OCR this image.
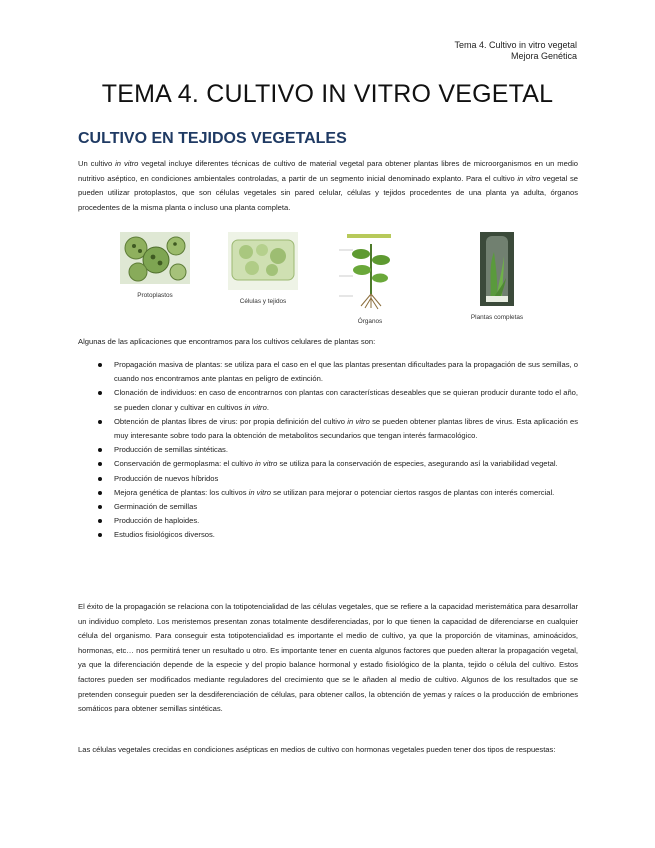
Tema 4. Cultivo in vitro vegetal
Mejora Genética
TEMA 4. CULTIVO IN VITRO VEGETAL
CULTIVO EN TEJIDOS VEGETALES

Un cultivo in vitro vegetal incluye diferentes técnicas de cultivo de material vegetal para obtener plantas libres de microorganismos en un medio nutritivo aséptico, en condiciones ambientales controladas, a partir de un segmento inicial denominado explanto. Para el cultivo in vitro vegetal se pueden utilizar protoplastos, que son células vegetales sin pared celular, células y tejidos procedentes de una planta ya adulta, órganos procedentes de la misma planta o incluso una planta completa.

Protoplastos
Células y tejidos
Órganos
Plantas completas

Algunas de las aplicaciones que encontramos para los cultivos celulares de plantas son:

Propagación masiva de plantas: se utiliza para el caso en el que las plantas presentan dificultades para la propagación de sus semillas, o cuando nos encontramos ante plantas en peligro de extinción.
Clonación de individuos: en caso de encontrarnos con plantas con características deseables que se quieran producir durante todo el año, se pueden clonar y cultivar en cultivos in vitro.
Obtención de plantas libres de virus: por propia definición del cultivo in vitro se pueden obtener plantas libres de virus. Esta aplicación es muy interesante sobre todo para la obtención de metabolitos secundarios que tengan interés farmacológico.
Producción de semillas sintéticas.
Conservación de germoplasma: el cultivo in vitro se utiliza para la conservación de especies, asegurando así la variabilidad vegetal.
Producción de nuevos híbridos
Mejora genética de plantas: los cultivos in vitro se utilizan para mejorar o potenciar ciertos rasgos de plantas con interés comercial.
Germinación de semillas
Producción de haploides.
Estudios fisiológicos diversos.

El éxito de la propagación se relaciona con la totipotencialidad de las células vegetales, que se refiere a la capacidad meristemática para desarrollar un individuo completo. Los meristemos presentan zonas totalmente desdiferenciadas, por lo que tienen la capacidad de diferenciarse en cualquier célula del organismo. Para conseguir esta totipotencialidad es importante el medio de cultivo, ya que la proporción de vitaminas, aminoácidos, hormonas, etc… nos permitirá tener un resultado u otro. Es importante tener en cuenta algunos factores que pueden alterar la propagación vegetal, ya que la diferenciación depende de la especie y del propio balance hormonal y estado fisiológico de la planta, tejido o célula del cultivo. Estos factores pueden ser modificados mediante reguladores del crecimiento que se le añaden al medio de cultivo. Algunos de los resultados que se pretenden conseguir pueden ser la desdiferenciación de células, para obtener callos, la obtención de yemas y raíces o la producción de embriones somáticos para obtener semillas sintéticas.

Las células vegetales crecidas en condiciones asépticas en medios de cultivo con hormonas vegetales pueden tener dos tipos de respuestas:
